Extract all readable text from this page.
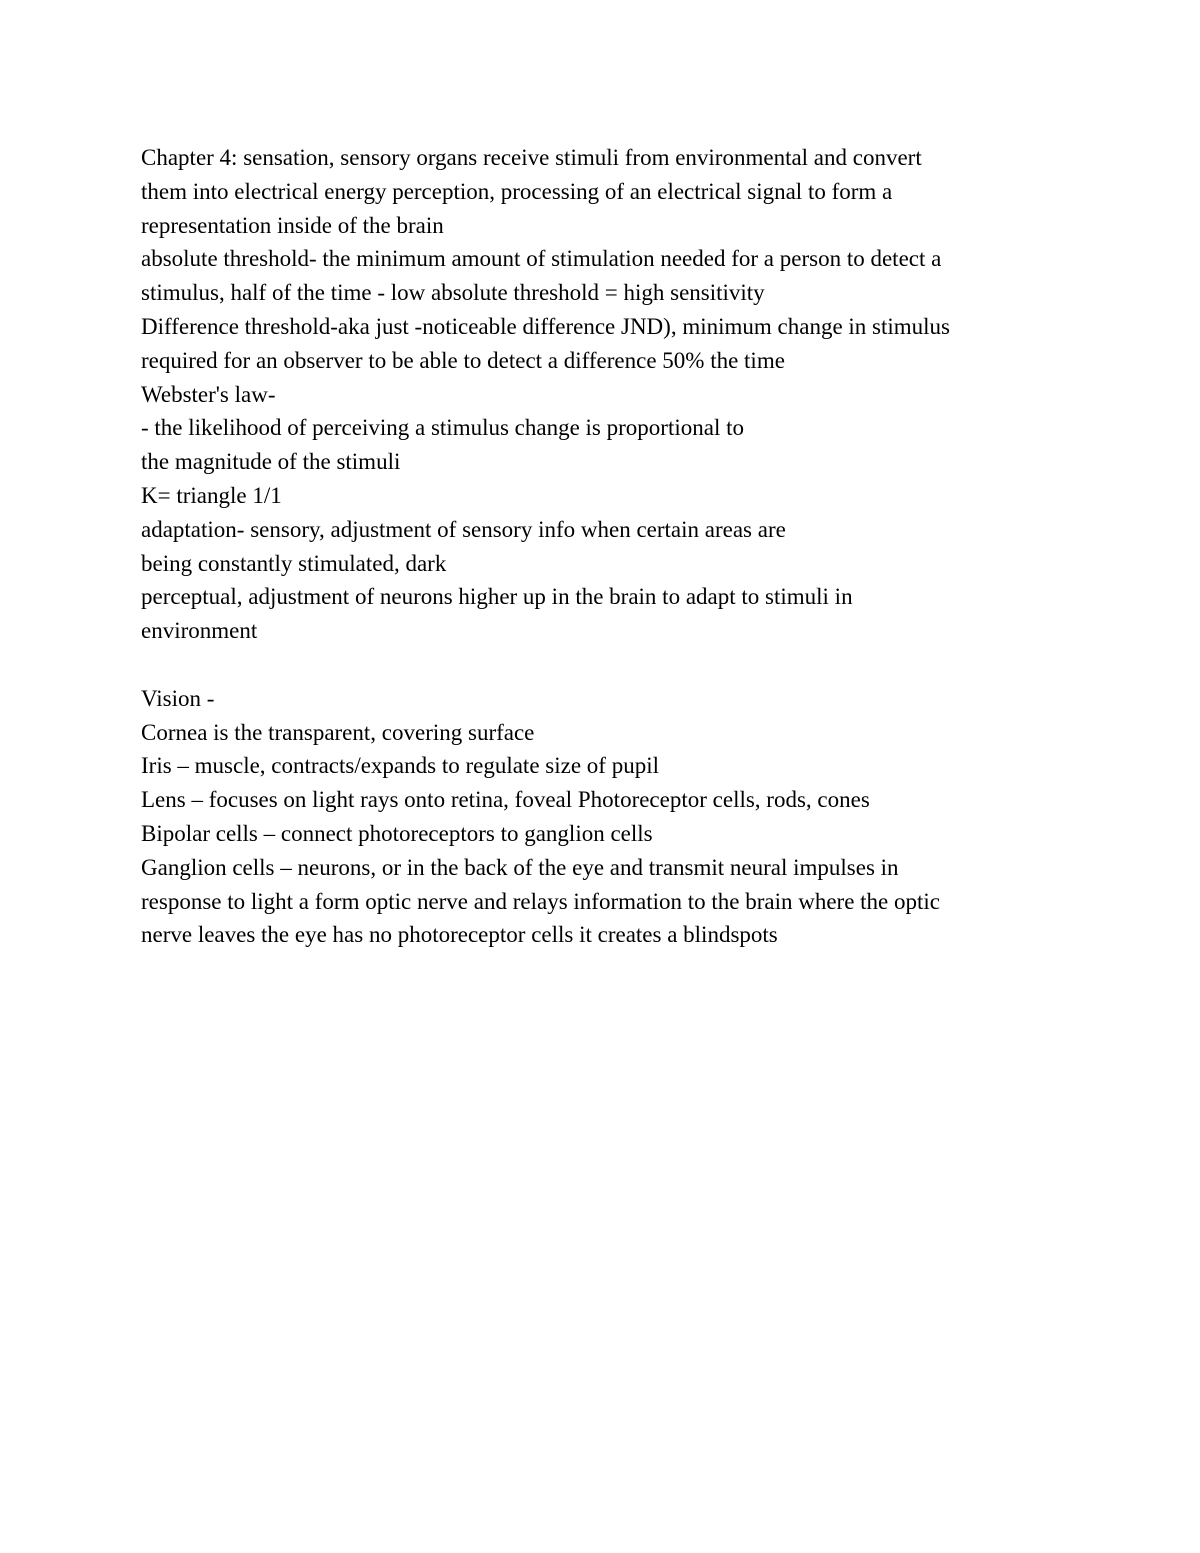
Chapter 4: sensation, sensory organs receive stimuli from environmental and convert

them into electrical energy perception, processing of an electrical signal to form a

representation inside of the brain

absolute threshold- the minimum amount of stimulation needed for a person to detect a

stimulus, half of the time - low absolute threshold = high sensitivity

Difference threshold-aka just -noticeable difference JND), minimum change in stimulus

required for an observer to be able to detect a difference 50% the time

Webster's law-

- the likelihood of perceiving a stimulus change is proportional to

the magnitude of the stimuli

K= triangle 1/1

adaptation- sensory, adjustment of sensory info when certain areas are

being constantly stimulated, dark

perceptual, adjustment of neurons higher up in the brain to adapt to stimuli in

environment

Vision -

Cornea is the transparent, covering surface

Iris – muscle, contracts/expands to regulate size of pupil

Lens – focuses on light rays onto retina, foveal Photoreceptor cells, rods, cones

Bipolar cells – connect photoreceptors to ganglion cells

Ganglion cells – neurons, or in the back of the eye and transmit neural impulses in

response to light a form optic nerve and relays information to the brain where the optic

nerve leaves the eye has no photoreceptor cells it creates a blindspots
